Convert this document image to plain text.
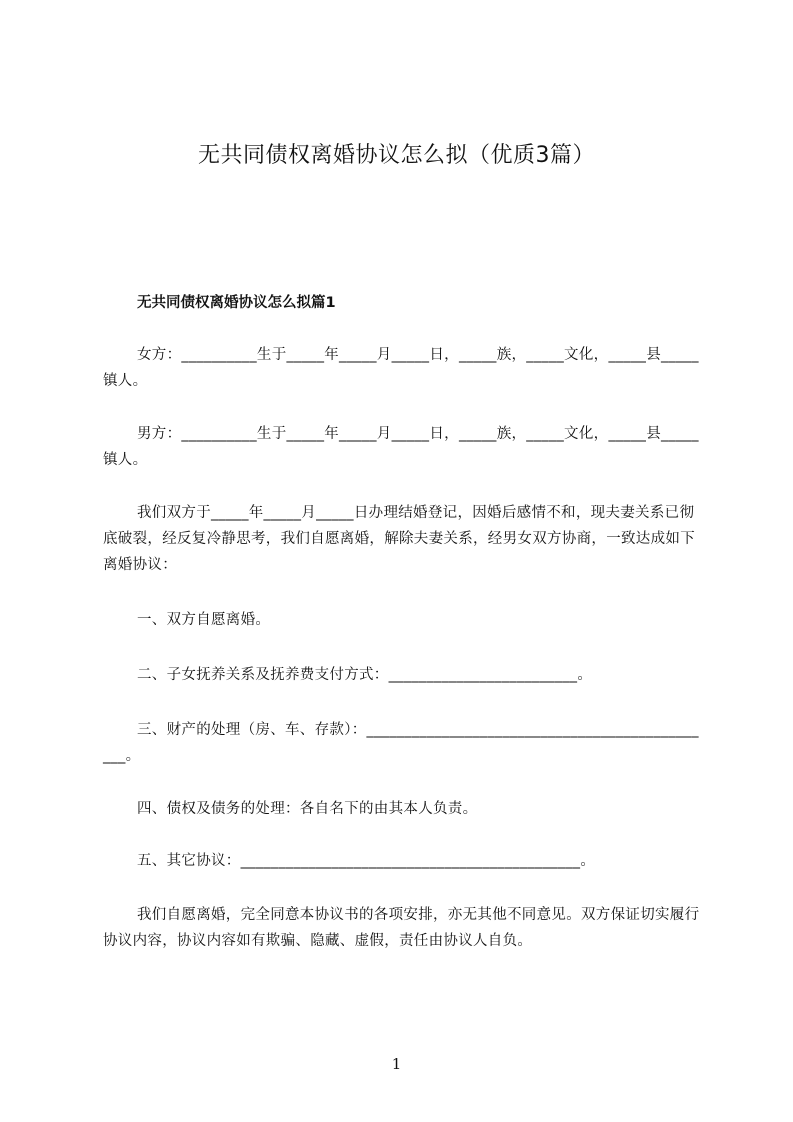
无共同债权离婚协议怎么拟（优质3篇）
无共同债权离婚协议怎么拟篇1
女方：__________生于_____年_____月_____日，_____族，_____文化，_____县_____镇人。
男方：__________生于_____年_____月_____日，_____族，_____文化，_____县_____镇人。
我们双方于_____年_____月_____日办理结婚登记，因婚后感情不和，现夫妻关系已彻底破裂，经反复冷静思考，我们自愿离婚，解除夫妻关系，经男女双方协商，一致达成如下离婚协议：
一、双方自愿离婚。
二、子女抚养关系及抚养费支付方式：_________________________。
三、财产的处理（房、车、存款）：_______________________________________________。
四、债权及债务的处理：各自名下的由其本人负责。
五、其它协议：_____________________________________________。
我们自愿离婚，完全同意本协议书的各项安排，亦无其他不同意见。双方保证切实履行协议内容，协议内容如有欺骗、隐藏、虚假，责任由协议人自负。
1
